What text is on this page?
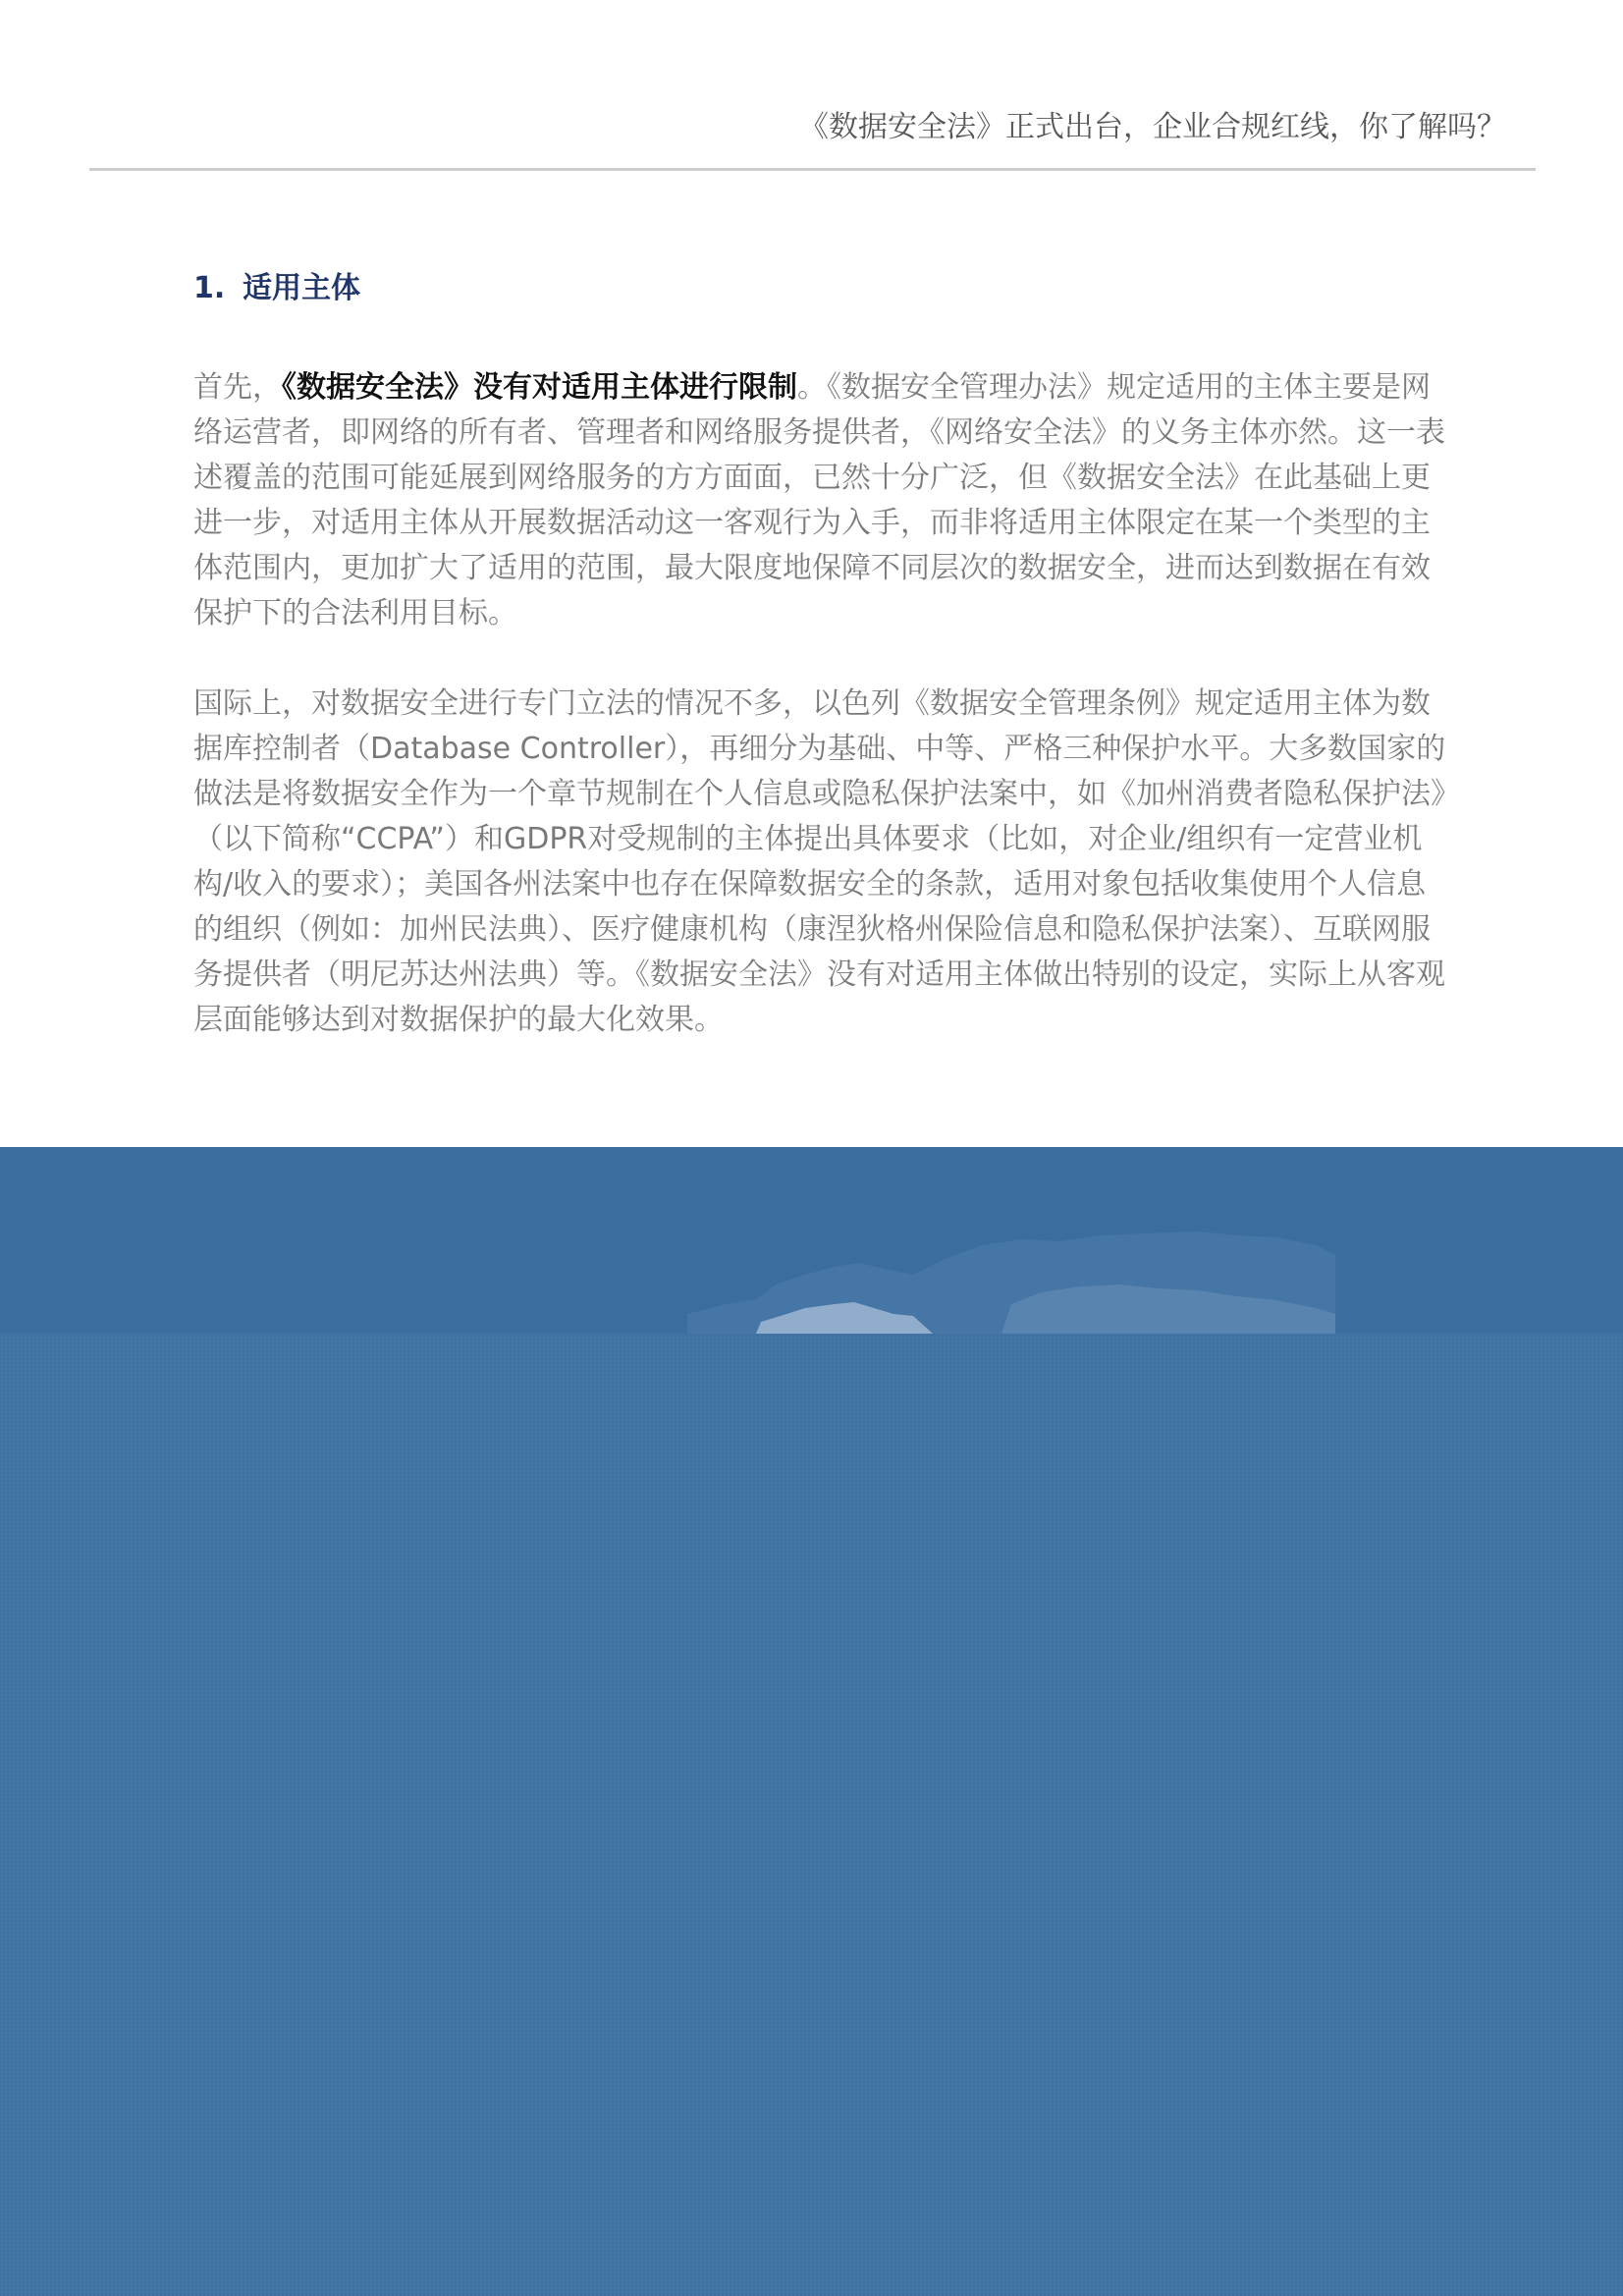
《数据安全法》正式出台，企业合规红线，你了解吗？
1. 适用主体

首先，《数据安全法》没有对适用主体进行限制。《数据安全管理办法》规定适用的主体主要是网络运营者，即网络的所有者、管理者和网络服务提供者，《网络安全法》的义务主体亦然。这一表述覆盖的范围可能延展到网络服务的方方面面，已然十分广泛，但《数据安全法》在此基础上更进一步，对适用主体从开展数据活动这一客观行为入手，而非将适用主体限定在某一个类型的主体范围内，更加扩大了适用的范围，最大限度地保障不同层次的数据安全，进而达到数据在有效保护下的合法利用目标。

国际上，对数据安全进行专门立法的情况不多，以色列《数据安全管理条例》规定适用主体为数据库控制者（Database Controller），再细分为基础、中等、严格三种保护水平。大多数国家的做法是将数据安全作为一个章节规制在个人信息或隐私保护法案中，如《加州消费者隐私保护法》（以下简称“CCPA”）和GDPR对受规制的主体提出具体要求（比如，对企业/组织有一定营业机构/收入的要求）；美国各州法案中也存在保障数据安全的条款，适用对象包括收集使用个人信息的组织（例如：加州民法典）、医疗健康机构（康涅狄格州保险信息和隐私保护法案）、互联网服务提供者（明尼苏达州法典）等。《数据安全法》没有对适用主体做出特别的设定，实际上从客观层面能够达到对数据保护的最大化效果。
